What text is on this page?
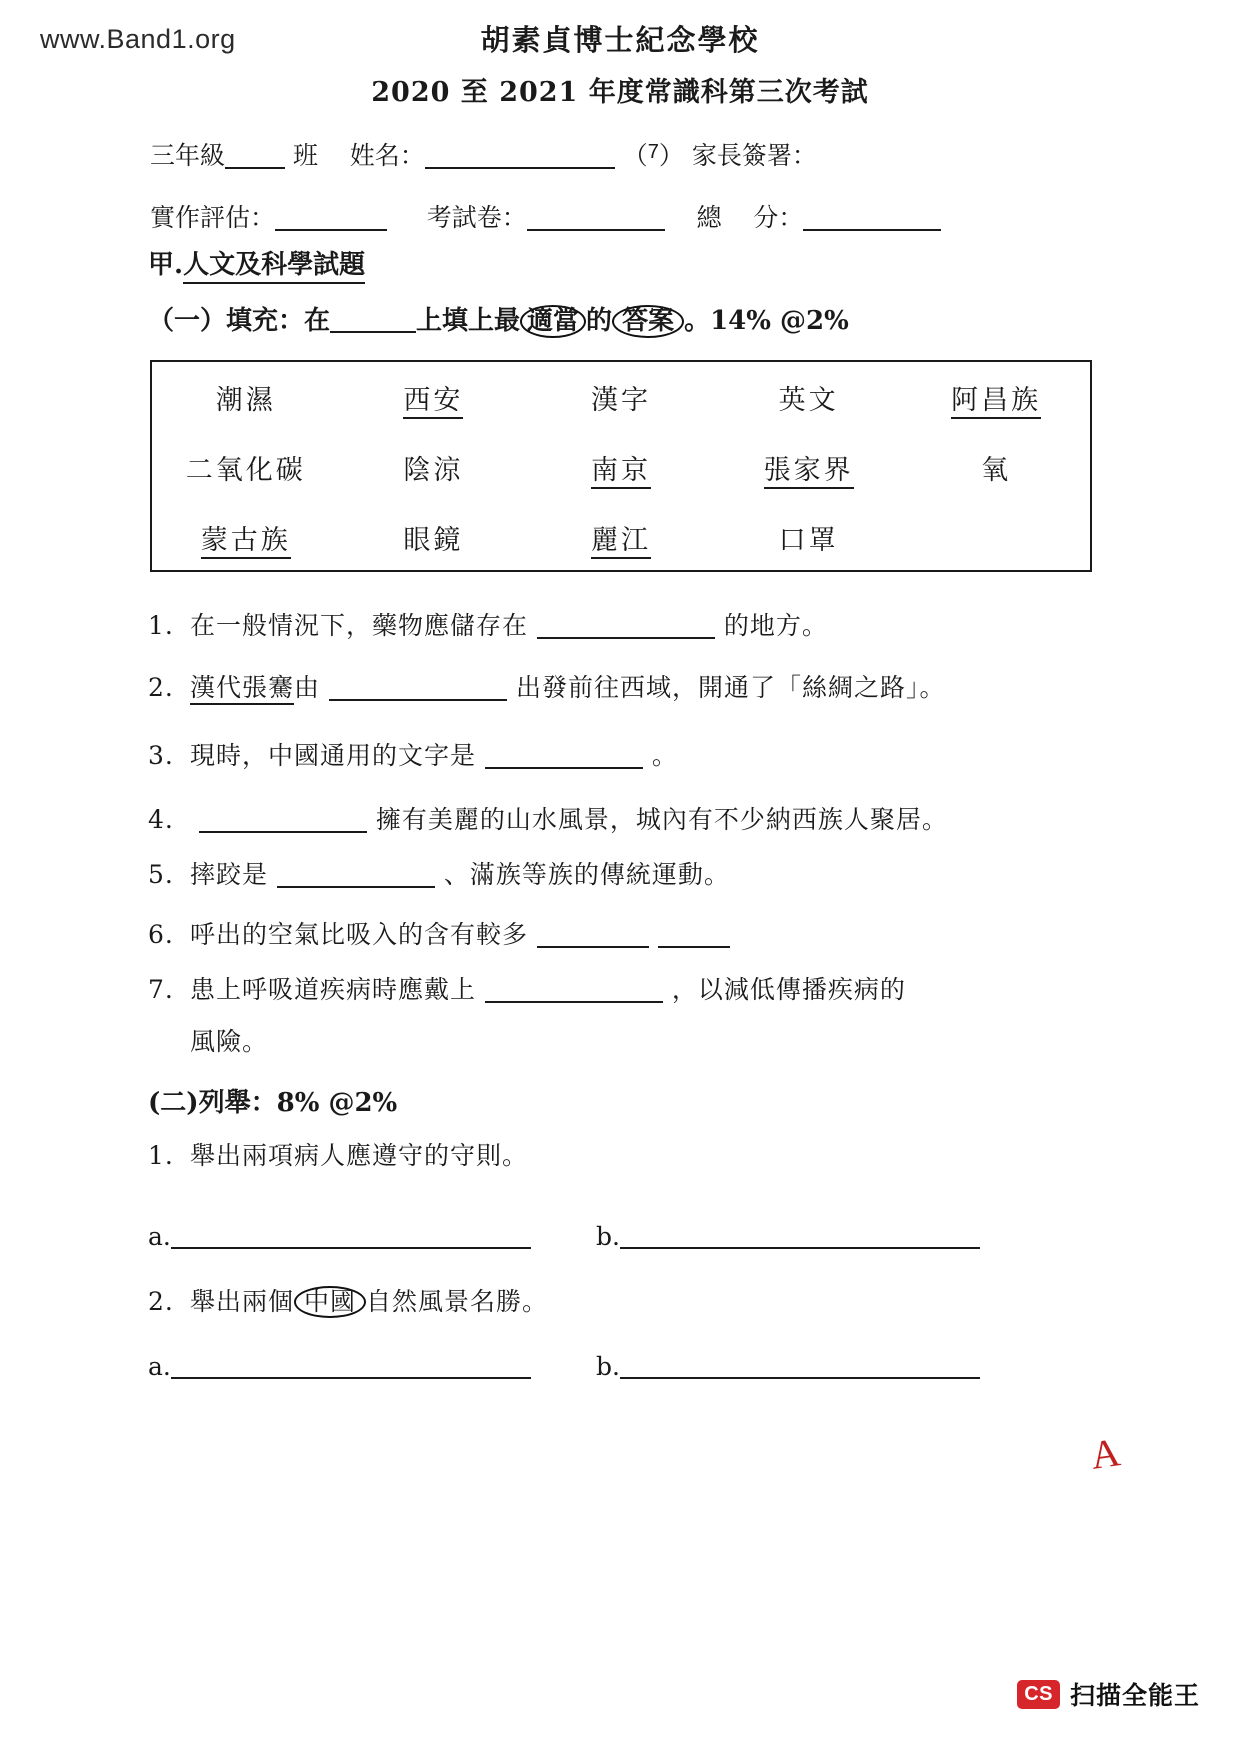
www.Band1.org	胡素貞博士紀念學校
2020 至 2021 年度常識科第三次考試
三年級	班 姓名：	（$^7$） 家長簽署：
實作評估：	考試卷：	總 分：
甲.人文及科學試題
（一）填充：在	上填上最 適當 的 答案 。14% @2%
潮濕	西安	漢字	英文	阿昌族
二氧化碳	陰涼	南京	張家界	氧
蒙古族	眼鏡	麗江	口罩
1. 在一般情況下，藥物應儲存在	的地方。
2. 漢代張騫由	出發前往西域，開通了「絲綢之路」。
3. 現時，中國通用的文字是	。
4.	擁有美麗的山水風景，城內有不少納西族人聚居。
5. 摔跤是	、滿族等族的傳統運動。
6. 呼出的空氣比吸入的含有較多
7. 患上呼吸道疾病時應戴上	，以減低傳播疾病的
風險。
(二)列舉：8% @2%
1. 舉出兩項病人應遵守的守則。
a.	b.
2. 舉出兩個 中國 自然風景名勝。
a.	b.
A
CS 扫描全能王
